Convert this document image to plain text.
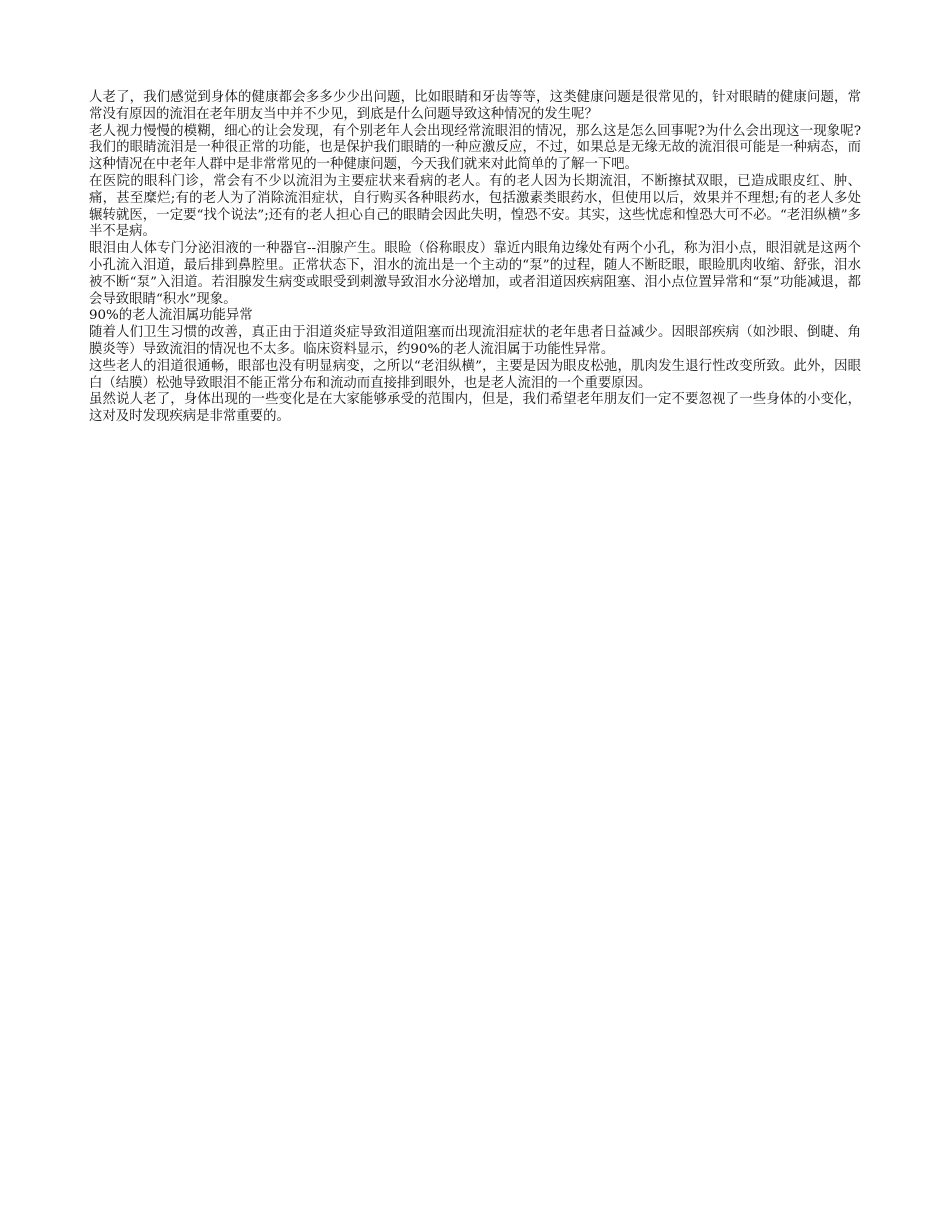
人老了，我们感觉到身体的健康都会多多少少出问题，比如眼睛和牙齿等等，这类健康问题是很常见的，针对眼睛的健康问题，常常没有原因的流泪在老年朋友当中并不少见，到底是什么问题导致这种情况的发生呢？

老人视力慢慢的模糊，细心的让会发现，有个别老年人会出现经常流眼泪的情况，那么这是怎么回事呢?为什么会出现这一现象呢?我们的眼睛流泪是一种很正常的功能，也是保护我们眼睛的一种应激反应，不过，如果总是无缘无故的流泪很可能是一种病态，而这种情况在中老年人群中是非常常见的一种健康问题，今天我们就来对此简单的了解一下吧。

在医院的眼科门诊，常会有不少以流泪为主要症状来看病的老人。有的老人因为长期流泪，不断擦拭双眼，已造成眼皮红、肿、痛，甚至糜烂;有的老人为了消除流泪症状，自行购买各种眼药水，包括激素类眼药水，但使用以后，效果并不理想;有的老人多处辗转就医，一定要“找个说法”;还有的老人担心自己的眼睛会因此失明，惶恐不安。其实，这些忧虑和惶恐大可不必。“老泪纵横”多半不是病。

眼泪由人体专门分泌泪液的一种器官--泪腺产生。眼睑（俗称眼皮）靠近内眼角边缘处有两个小孔，称为泪小点，眼泪就是这两个小孔流入泪道，最后排到鼻腔里。正常状态下，泪水的流出是一个主动的“泵”的过程，随人不断眨眼，眼睑肌肉收缩、舒张，泪水被不断“泵”入泪道。若泪腺发生病变或眼受到刺激导致泪水分泌增加，或者泪道因疾病阻塞、泪小点位置异常和“泵”功能减退，都会导致眼睛“积水”现象。

90%的老人流泪属功能异常

随着人们卫生习惯的改善，真正由于泪道炎症导致泪道阻塞而出现流泪症状的老年患者日益减少。因眼部疾病（如沙眼、倒睫、角膜炎等）导致流泪的情况也不太多。临床资料显示，约90%的老人流泪属于功能性异常。

这些老人的泪道很通畅，眼部也没有明显病变，之所以“老泪纵横”，主要是因为眼皮松弛，肌肉发生退行性改变所致。此外，因眼白（结膜）松弛导致眼泪不能正常分布和流动而直接排到眼外，也是老人流泪的一个重要原因。

虽然说人老了，身体出现的一些变化是在大家能够承受的范围内，但是，我们希望老年朋友们一定不要忽视了一些身体的小变化，这对及时发现疾病是非常重要的。
